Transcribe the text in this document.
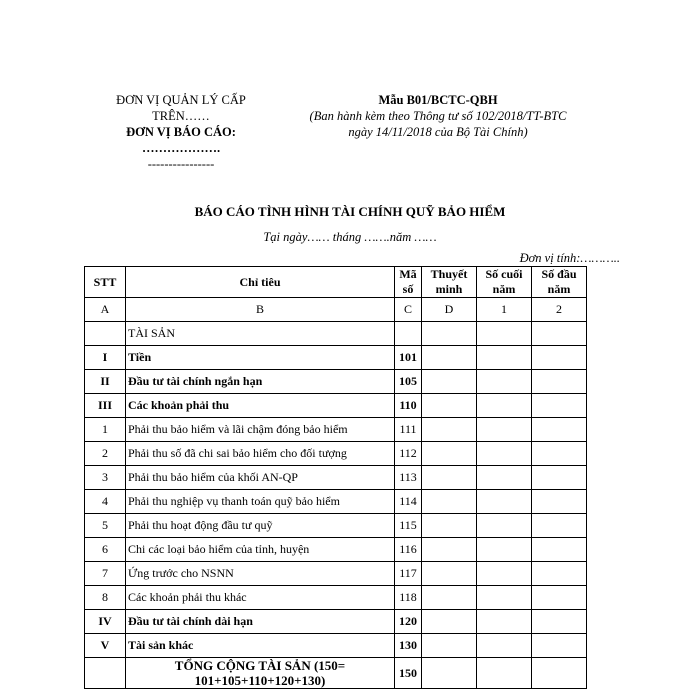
ĐƠN VỊ QUẢN LÝ CẤP
TRÊN……
ĐƠN VỊ BÁO CÁO:
……………….
----------------
Mẫu B01/BCTC-QBH
(Ban hành kèm theo Thông tư số 102/2018/TT-BTC
ngày 14/11/2018 của Bộ Tài Chính)
BÁO CÁO TÌNH HÌNH TÀI CHÍNH QUỸ BẢO HIỂM
Tại ngày…… tháng …….năm ……
Đơn vị tính:………..
STT	Chỉ tiêu	Mã số	Thuyết minh	Số cuối năm	Số đầu năm
A	B	C	D	1	2
	TÀI SẢN				
I	Tiền	101			
II	Đầu tư tài chính ngắn hạn	105			
III	Các khoản phải thu	110			
1	Phải thu bảo hiểm và lãi chậm đóng bảo hiểm	111			
2	Phải thu số đã chi sai bảo hiểm cho đối tượng	112			
3	Phải thu bảo hiểm của khối AN-QP	113			
4	Phải thu nghiệp vụ thanh toán quỹ bảo hiểm	114			
5	Phải thu hoạt động đầu tư quỹ	115			
6	Chi các loại bảo hiểm của tỉnh, huyện	116			
7	Ứng trước cho NSNN	117			
8	Các khoản phải thu khác	118			
IV	Đầu tư tài chính dài hạn	120			
V	Tài sản khác	130			

	TỔNG CỘNG TÀI SẢN (150=
101+105+110+120+130)	150			
